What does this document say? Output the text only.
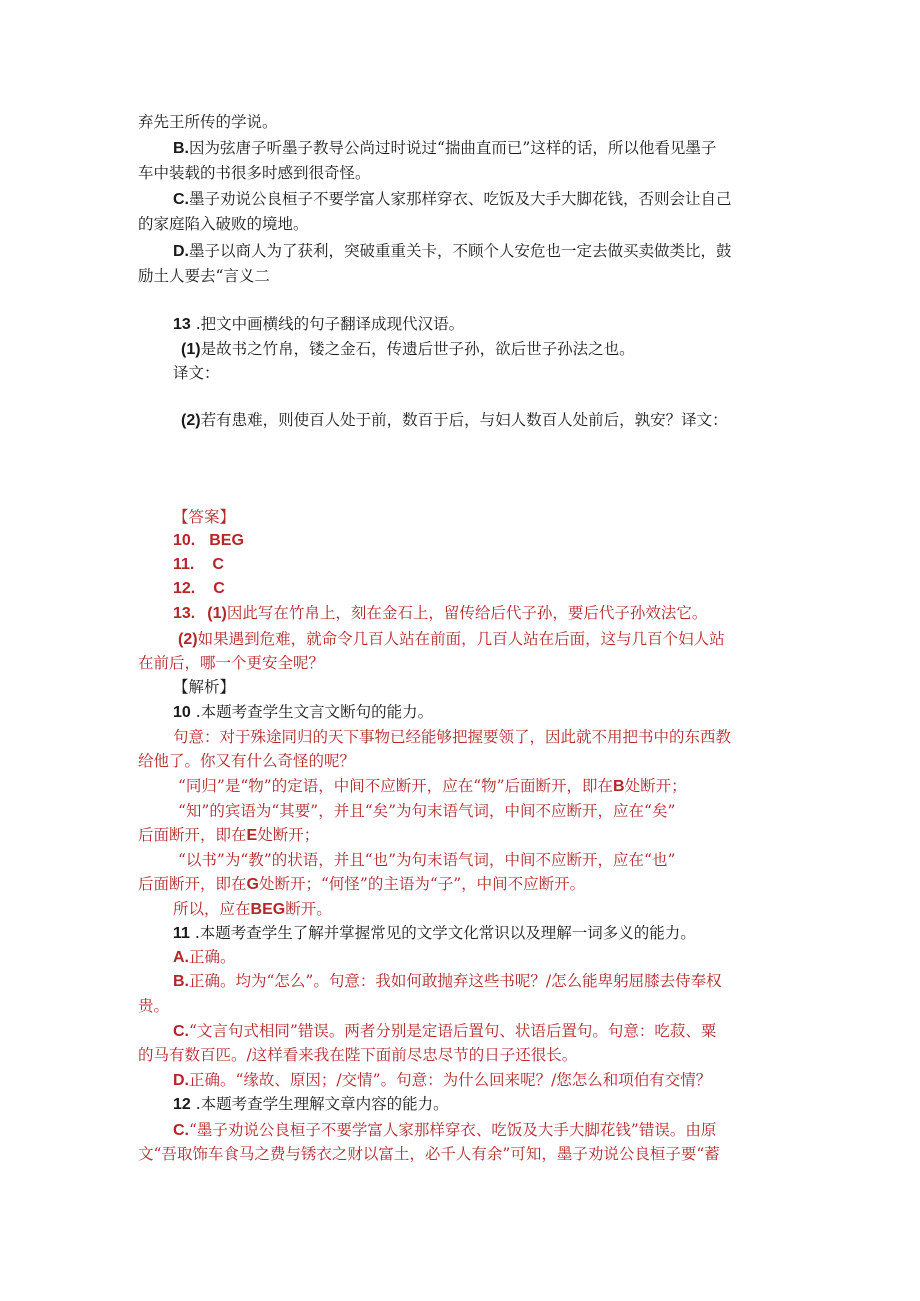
弃先王所传的学说。
B.因为弦唐子听墨子教导公尚过时说过“揣曲直而已”这样的话，所以他看见墨子
车中装载的书很多时感到很奇怪。
C.墨子劝说公良桓子不要学富人家那样穿衣、吃饭及大手大脚花钱，否则会让自己
的家庭陷入破败的境地。
D.墨子以商人为了获利，突破重重关卡，不顾个人安危也一定去做买卖做类比，鼓
励土人要去“言义二
13 .把文中画横线的句子翻译成现代汉语。
(1)是故书之竹帛，镂之金石，传遗后世子孙，欲后世子孙法之也。
译文：
(2)若有患难，则使百人处于前，数百于后，与妇人数百人处前后，孰安？译文：
【答案】
10. BEG
11. C
12. C
13. (1)因此写在竹帛上，刻在金石上，留传给后代子孙，要后代子孙效法它。
(2)如果遇到危难，就命令几百人站在前面，几百人站在后面，这与几百个妇人站
在前后，哪一个更安全呢？
【解析】
10 .本题考查学生文言文断句的能力。
句意：对于殊途同归的天下事物已经能够把握要领了，因此就不用把书中的东西教
给他了。你又有什么奇怪的呢？
“同归”是“物”的定语，中间不应断开，应在“物”后面断开，即在B处断开；
“知”的宾语为“其要”，并且“矣”为句末语气词，中间不应断开，应在“矣”
后面断开，即在E处断开；
“以书”为“教”的状语，并且“也”为句末语气词，中间不应断开，应在“也”
后面断开，即在G处断开；“何怪”的主语为“子”，中间不应断开。
所以，应在BEG断开。
11 .本题考查学生了解并掌握常见的文学文化常识以及理解一词多义的能力。
A.正确。
B.正确。均为“怎么”。句意：我如何敢抛弃这些书呢？/怎么能卑躬屈膝去侍奉权
贵。
C.“文言句式相同”错误。两者分别是定语后置句、状语后置句。句意：吃菽、粟
的马有数百匹。/这样看来我在陛下面前尽忠尽节的日子还很长。
D.正确。“缘故、原因；/交情”。句意：为什么回来呢？/您怎么和项伯有交情？
12 .本题考查学生理解文章内容的能力。
C.“墨子劝说公良桓子不要学富人家那样穿衣、吃饭及大手大脚花钱”错误。由原
文“吾取饰车食马之费与锈衣之财以富土，必千人有余”可知，墨子劝说公良桓子要“蓄
